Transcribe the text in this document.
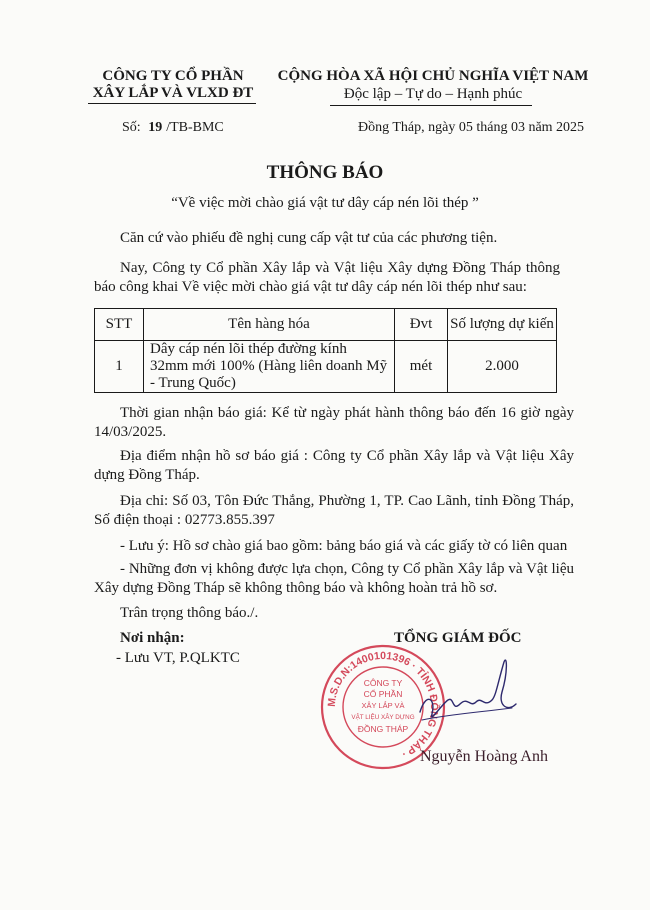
CÔNG TY CỔ PHẦN
XÂY LẮP VÀ VLXD ĐT
CỘNG HÒA XÃ HỘI CHỦ NGHĨA VIỆT NAM
Độc lập – Tự do – Hạnh phúc
Số: 19 /TB-BMC	Đồng Tháp, ngày 05 tháng 03 năm 2025
THÔNG BÁO
“Về việc mời chào giá vật tư dây cáp nén lõi thép ”
Căn cứ vào phiếu đề nghị cung cấp vật tư của các phương tiện.
Nay, Công ty Cổ phần Xây lắp và Vật liệu Xây dựng Đồng Tháp thông báo công khai Về việc mời chào giá vật tư dây cáp nén lõi thép như sau:
STT	Tên hàng hóa	Đvt	Số lượng dự kiến
1	Dây cáp nén lõi thép đường kính 32mm mới 100% (Hàng liên doanh Mỹ - Trung Quốc)	mét	2.000
Thời gian nhận báo giá: Kể từ ngày phát hành thông báo đến 16 giờ ngày 14/03/2025.
Địa điểm nhận hồ sơ báo giá : Công ty Cổ phần Xây lắp và Vật liệu Xây dựng Đồng Tháp.
Địa chỉ: Số 03, Tôn Đức Thắng, Phường 1, TP. Cao Lãnh, tỉnh Đồng Tháp, Số điện thoại : 02773.855.397
- Lưu ý: Hồ sơ chào giá bao gồm: bảng báo giá và các giấy tờ có liên quan
- Những đơn vị không được lựa chọn, Công ty Cổ phần Xây lắp và Vật liệu Xây dựng Đồng Tháp sẽ không thông báo và không hoàn trả hồ sơ.
Trân trọng thông báo./.
Nơi nhận:
- Lưu VT, P.QLKTC
TỔNG GIÁM ĐỐC
M.S.D.N:1400101396 · TỈNH ĐỒNG THÁP ·
CÔNG TY
CỔ PHẦN
XÂY LẮP VÀ
VẬT LIỆU XÂY DỰNG
ĐỒNG THÁP
Nguyễn Hoàng Anh
